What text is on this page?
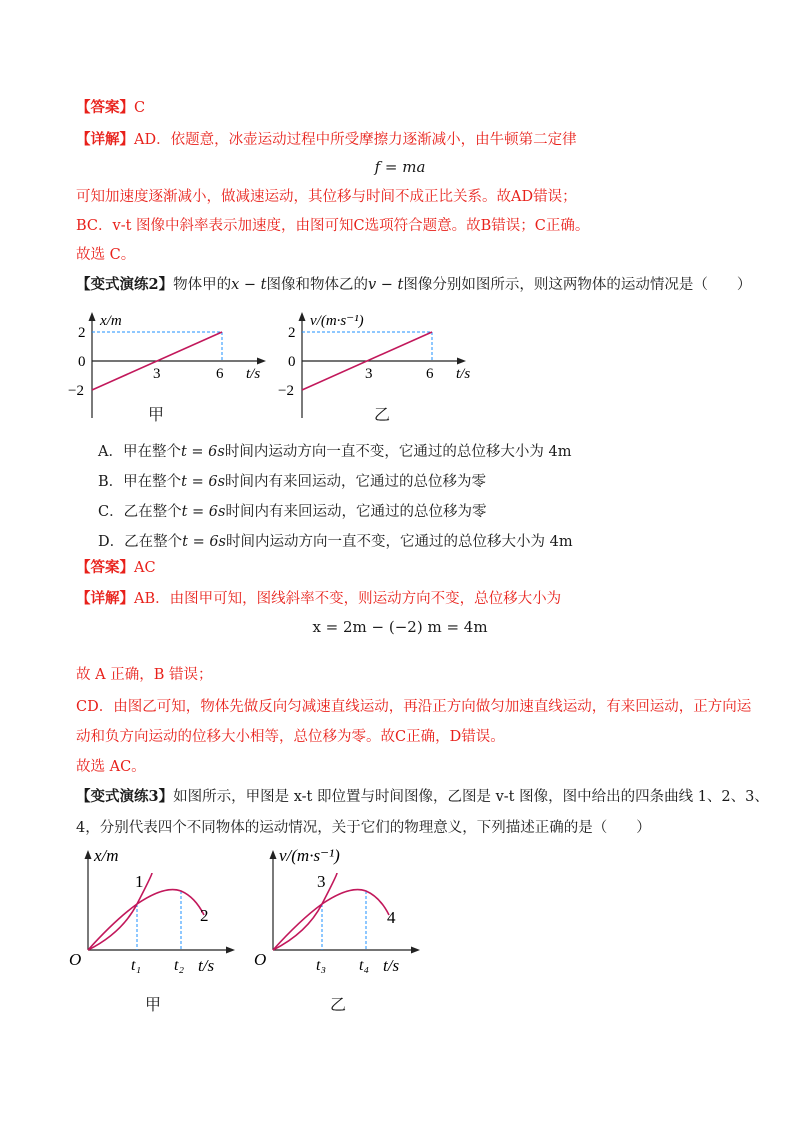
【答案】C
【详解】AD．依题意，冰壶运动过程中所受摩擦力逐渐减小，由牛顿第二定律
f = ma
可知加速度逐渐减小，做减速运动，其位移与时间不成正比关系。故AD错误；
BC．v-t 图像中斜率表示加速度，由图可知C选项符合题意。故B错误；C正确。
故选 C。
【变式演练2】物体甲的x − t图像和物体乙的v − t图像分别如图所示，则这两物体的运动情况是（　　）
x/m
2
0
−2
3	6 t/s
甲
v/(m·s⁻¹)
2
0
−2
3	6 t/s
乙
A．甲在整个t = 6s时间内运动方向一直不变，它通过的总位移大小为 4m
B．甲在整个t = 6s时间内有来回运动，它通过的总位移为零
C．乙在整个t = 6s时间内有来回运动，它通过的总位移为零
D．乙在整个t = 6s时间内运动方向一直不变，它通过的总位移大小为 4m
【答案】AC
【详解】AB．由图甲可知，图线斜率不变，则运动方向不变，总位移大小为
x = 2m − (−2) m = 4m
故 A 正确，B 错误；
CD．由图乙可知，物体先做反向匀减速直线运动，再沿正方向做匀加速直线运动，有来回运动，正方向运
动和负方向运动的位移大小相等，总位移为零。故C正确，D错误。
故选 AC。
【变式演练3】如图所示，甲图是 x-t 即位置与时间图像，乙图是 v-t 图像，图中给出的四条曲线 1、2、3、
4，分别代表四个不同物体的运动情况，关于它们的物理意义，下列描述正确的是（　　）
O
x/m
1
2
t₁ t₂ t/s
甲
O
v/(m·s⁻¹)
3
4
t₃ t₄ t/s
乙
